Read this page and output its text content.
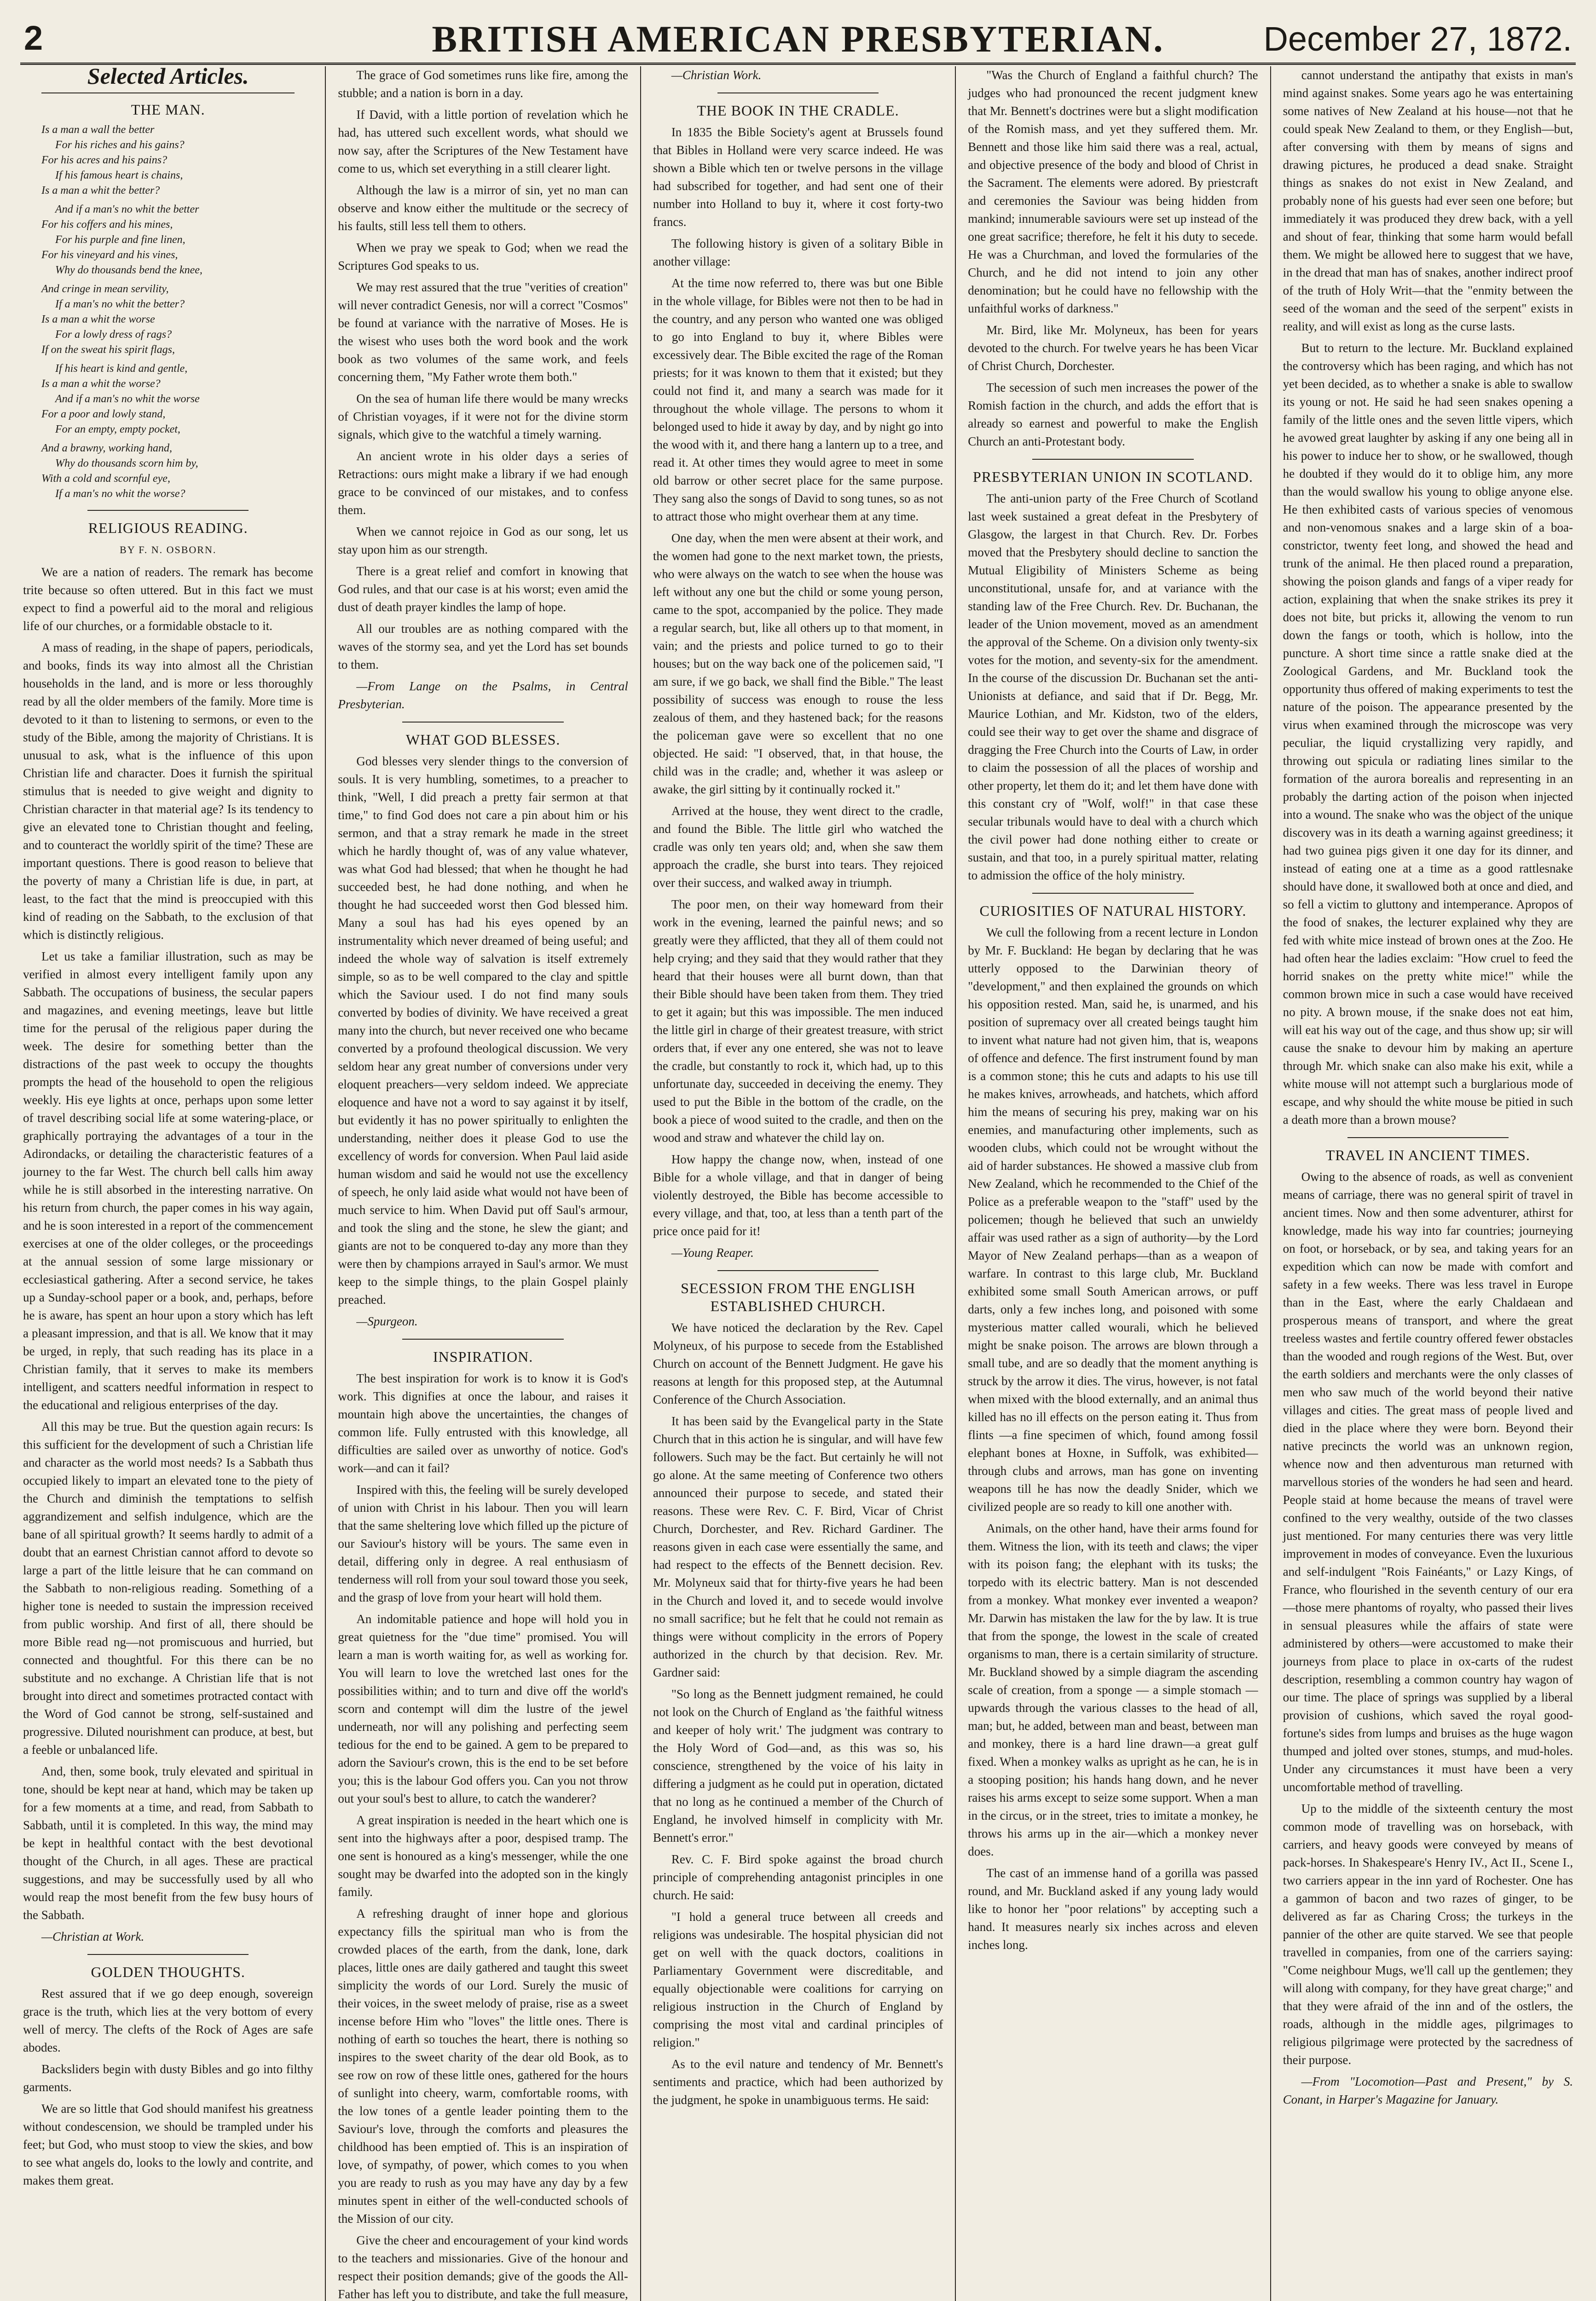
2	BRITISH AMERICAN PRESBYTERIAN.	December 27, 1872.
Selected Articles.
THE MAN.
Is a man a wall the better
For his riches and his gains?
For his acres and his pains?
If his famous heart is chains,
Is a man a whit the better?
And if a man's no whit the better
For his coffers and his mines,
For his purple and fine linen,
For his vineyard and his vines,
Why do thousands bend the knee,
And cringe in mean servility,
If a man's no whit the better?
Is a man a whit the worse
For a lowly dress of rags?
If on the sweat his spirit flags,
If his heart is kind and gentle,
Is a man a whit the worse?
And if a man's no whit the worse
For a poor and lowly stand,
For an empty, empty pocket,
And a brawny, working hand,
Why do thousands scorn him by,
With a cold and scornful eye,
If a man's no whit the worse?
RELIGIOUS READING.
BY F. N. OSBORN.

We are a nation of readers. The remark has become trite because so often uttered. But in this fact we must expect to find a powerful aid to the moral and religious life of our churches, or a formidable obstacle to it.

A mass of reading, in the shape of papers, periodicals, and books, finds its way into almost all the Christian households in the land, and is more or less thoroughly read by all the older members of the family. More time is devoted to it than to listening to sermons, or even to the study of the Bible, among the majority of Christians. It is unusual to ask, what is the influence of this upon Christian life and character. Does it furnish the spiritual stimulus that is needed to give weight and dignity to Christian character in that material age? Is its tendency to give an elevated tone to Christian thought and feeling, and to counteract the worldly spirit of the time? These are important questions. There is good reason to believe that the poverty of many a Christian life is due, in part, at least, to the fact that the mind is preoccupied with this kind of reading on the Sabbath, to the exclusion of that which is distinctly religious.

Let us take a familiar illustration, such as may be verified in almost every intelligent family upon any Sabbath. The occupations of business, the secular papers and magazines, and evening meetings, leave but little time for the perusal of the religious paper during the week. The desire for something better than the distractions of the past week to occupy the thoughts prompts the head of the household to open the religious weekly. His eye lights at once, perhaps upon some letter of travel describing social life at some watering-place, or graphically portraying the advantages of a tour in the Adirondacks, or detailing the characteristic features of a journey to the far West. The church bell calls him away while he is still absorbed in the interesting narrative. On his return from church, the paper comes in his way again, and he is soon interested in a report of the commencement exercises at one of the older colleges, or the proceedings at the annual session of some large missionary or ecclesiastical gathering. After a second service, he takes up a Sunday-school paper or a book, and, perhaps, before he is aware, has spent an hour upon a story which has left a pleasant impression, and that is all. We know that it may be urged, in reply, that such reading has its place in a Christian family, that it serves to make its members intelligent, and scatters needful information in respect to the educational and religious enterprises of the day.

All this may be true. But the question again recurs: Is this sufficient for the development of such a Christian life and character as the world most needs? Is a Sabbath thus occupied likely to impart an elevated tone to the piety of the Church and diminish the temptations to selfish aggrandizement and selfish indulgence, which are the bane of all spiritual growth? It seems hardly to admit of a doubt that an earnest Christian cannot afford to devote so large a part of the little leisure that he can command on the Sabbath to non-religious reading. Something of a higher tone is needed to sustain the impression received from public worship. And first of all, there should be more Bible read ng—not promiscuous and hurried, but connected and thoughtful. For this there can be no substitute and no exchange. A Christian life that is not brought into direct and sometimes protracted contact with the Word of God cannot be strong, self-sustained and progressive. Diluted nourishment can produce, at best, but a feeble or unbalanced life.

And, then, some book, truly elevated and spiritual in tone, should be kept near at hand, which may be taken up for a few moments at a time, and read, from Sabbath to Sabbath, until it is completed. In this way, the mind may be kept in healthful contact with the best devotional thought of the Church, in all ages. These are practical suggestions, and may be successfully used by all who would reap the most benefit from the few busy hours of the Sabbath.

—Christian at Work.

GOLDEN THOUGHTS.

Rest assured that if we go deep enough, sovereign grace is the truth, which lies at the very bottom of every well of mercy. The clefts of the Rock of Ages are safe abodes.

Backsliders begin with dusty Bibles and go into filthy garments.

We are so little that God should manifest his greatness without condescension, we should be trampled under his feet; but God, who must stoop to view the skies, and bow to see what angels do, looks to the lowly and contrite, and makes them great.

The grace of God sometimes runs like fire, among the stubble; and a nation is born in a day.

If David, with a little portion of revelation which he had, has uttered such excellent words, what should we now say, after the Scriptures of the New Testament have come to us, which set everything in a still clearer light.

Although the law is a mirror of sin, yet no man can observe and know either the multitude or the secrecy of his faults, still less tell them to others.

When we pray we speak to God; when we read the Scriptures God speaks to us.

We may rest assured that the true "verities of creation" will never contradict Genesis, nor will a correct "Cosmos" be found at variance with the narrative of Moses. He is the wisest who uses both the word book and the work book as two volumes of the same work, and feels concerning them, "My Father wrote them both."

On the sea of human life there would be many wrecks of Christian voyages, if it were not for the divine storm signals, which give to the watchful a timely warning.

An ancient wrote in his older days a series of Retractions: ours might make a library if we had enough grace to be convinced of our mistakes, and to confess them.

When we cannot rejoice in God as our song, let us stay upon him as our strength.

There is a great relief and comfort in knowing that God rules, and that our case is at his worst; even amid the dust of death prayer kindles the lamp of hope.

All our troubles are as nothing compared with the waves of the stormy sea, and yet the Lord has set bounds to them.

—From Lange on the Psalms, in Central Presbyterian.

WHAT GOD BLESSES.

God blesses very slender things to the conversion of souls. It is very humbling, sometimes, to a preacher to think, "Well, I did preach a pretty fair sermon at that time," to find God does not care a pin about him or his sermon, and that a stray remark he made in the street which he hardly thought of, was of any value whatever, was what God had blessed; that when he thought he had succeeded best, he had done nothing, and when he thought he had succeeded worst then God blessed him. Many a soul has had his eyes opened by an instrumentality which never dreamed of being useful; and indeed the whole way of salvation is itself extremely simple, so as to be well compared to the clay and spittle which the Saviour used. I do not find many souls converted by bodies of divinity. We have received a great many into the church, but never received one who became converted by a profound theological discussion. We very seldom hear any great number of conversions under very eloquent preachers—very seldom indeed. We appreciate eloquence and have not a word to say against it by itself, but evidently it has no power spiritually to enlighten the understanding, neither does it please God to use the excellency of words for conversion. When Paul laid aside human wisdom and said he would not use the excellency of speech, he only laid aside what would not have been of much service to him. When David put off Saul's armour, and took the sling and the stone, he slew the giant; and giants are not to be conquered to-day any more than they were then by champions arrayed in Saul's armor. We must keep to the simple things, to the plain Gospel plainly preached.

—Spurgeon.

INSPIRATION.

The best inspiration for work is to know it is God's work. This dignifies at once the labour, and raises it mountain high above the uncertainties, the changes of common life. Fully entrusted with this knowledge, all difficulties are sailed over as unworthy of notice. God's work—and can it fail?

Inspired with this, the feeling will be surely developed of union with Christ in his labour. Then you will learn that the same sheltering love which filled up the picture of our Saviour's history will be yours. The same even in detail, differing only in degree. A real enthusiasm of tenderness will roll from your soul toward those you seek, and the grasp of love from your heart will hold them.

An indomitable patience and hope will hold you in great quietness for the "due time" promised. You will learn a man is worth waiting for, as well as working for. You will learn to love the wretched last ones for the possibilities within; and to turn and dive off the world's scorn and contempt will dim the lustre of the jewel underneath, nor will any polishing and perfecting seem tedious for the end to be gained. A gem to be prepared to adorn the Saviour's crown, this is the end to be set before you; this is the labour God offers you. Can you not throw out your soul's best to allure, to catch the wanderer?

A great inspiration is needed in the heart which one is sent into the highways after a poor, despised tramp. The one sent is honoured as a king's messenger, while the one sought may be dwarfed into the adopted son in the kingly family.

A refreshing draught of inner hope and glorious expectancy fills the spiritual man who is from the crowded places of the earth, from the dank, lone, dark places, little ones are daily gathered and taught this sweet simplicity the words of our Lord. Surely the music of their voices, in the sweet melody of praise, rise as a sweet incense before Him who "loves" the little ones. There is nothing of earth so touches the heart, there is nothing so inspires to the sweet charity of the dear old Book, as to see row on row of these little ones, gathered for the hours of sunlight into cheery, warm, comfortable rooms, with the low tones of a gentle leader pointing them to the Saviour's love, through the comforts and pleasures the childhood has been emptied of. This is an inspiration of love, of sympathy, of power, which comes to you when you are ready to rush as you may have any day by a few minutes spent in either of the well-conducted schools of the Mission of our city.

Give the cheer and encouragement of your kind words to the teachers and missionaries. Give of the honour and respect their position demands; give of the goods the All-Father has left you to distribute, and take the full measure,

—Christian Work.

THE BOOK IN THE CRADLE.

In 1835 the Bible Society's agent at Brussels found that Bibles in Holland were very scarce indeed. He was shown a Bible which ten or twelve persons in the village had subscribed for together, and had sent one of their number into Holland to buy it, where it cost forty-two francs.

The following history is given of a solitary Bible in another village:

At the time now referred to, there was but one Bible in the whole village, for Bibles were not then to be had in the country, and any person who wanted one was obliged to go into England to buy it, where Bibles were excessively dear. The Bible excited the rage of the Roman priests; for it was known to them that it existed; but they could not find it, and many a search was made for it throughout the whole village. The persons to whom it belonged used to hide it away by day, and by night go into the wood with it, and there hang a lantern up to a tree, and read it. At other times they would agree to meet in some old barrow or other secret place for the same purpose. They sang also the songs of David to song tunes, so as not to attract those who might overhear them at any time.

One day, when the men were absent at their work, and the women had gone to the next market town, the priests, who were always on the watch to see when the house was left without any one but the child or some young person, came to the spot, accompanied by the police. They made a regular search, but, like all others up to that moment, in vain; and the priests and police turned to go to their houses; but on the way back one of the policemen said, "I am sure, if we go back, we shall find the Bible." The least possibility of success was enough to rouse the less zealous of them, and they hastened back; for the reasons the policeman gave were so excellent that no one objected. He said: "I observed, that, in that house, the child was in the cradle; and, whether it was asleep or awake, the girl sitting by it continually rocked it."

Arrived at the house, they went direct to the cradle, and found the Bible. The little girl who watched the cradle was only ten years old; and, when she saw them approach the cradle, she burst into tears. They rejoiced over their success, and walked away in triumph.

The poor men, on their way homeward from their work in the evening, learned the painful news; and so greatly were they afflicted, that they all of them could not help crying; and they said that they would rather that they heard that their houses were all burnt down, than that their Bible should have been taken from them. They tried to get it again; but this was impossible. The men induced the little girl in charge of their greatest treasure, with strict orders that, if ever any one entered, she was not to leave the cradle, but constantly to rock it, which had, up to this unfortunate day, succeeded in deceiving the enemy. They used to put the Bible in the bottom of the cradle, on the book a piece of wood suited to the cradle, and then on the wood and straw and whatever the child lay on.

How happy the change now, when, instead of one Bible for a whole village, and that in danger of being violently destroyed, the Bible has become accessible to every village, and that, too, at less than a tenth part of the price once paid for it!

—Young Reaper.

SECESSION FROM THE ENGLISH ESTABLISHED CHURCH.

We have noticed the declaration by the Rev. Capel Molyneux, of his purpose to secede from the Established Church on account of the Bennett Judgment. He gave his reasons at length for this proposed step, at the Autumnal Conference of the Church Association.

It has been said by the Evangelical party in the State Church that in this action he is singular, and will have few followers. Such may be the fact. But certainly he will not go alone. At the same meeting of Conference two others announced their purpose to secede, and stated their reasons. These were Rev. C. F. Bird, Vicar of Christ Church, Dorchester, and Rev. Richard Gardiner. The reasons given in each case were essentially the same, and had respect to the effects of the Bennett decision. Rev. Mr. Molyneux said that for thirty-five years he had been in the Church and loved it, and to secede would involve no small sacrifice; but he felt that he could not remain as things were without complicity in the errors of Popery authorized in the church by that decision. Rev. Mr. Gardner said:

"So long as the Bennett judgment remained, he could not look on the Church of England as 'the faithful witness and keeper of holy writ.' The judgment was contrary to the Holy Word of God—and, as this was so, his conscience, strengthened by the voice of his laity in differing a judgment as he could put in operation, dictated that no long as he continued a member of the Church of England, he involved himself in complicity with Mr. Bennett's error."

Rev. C. F. Bird spoke against the broad church principle of comprehending antagonist principles in one church. He said:

"I hold a general truce between all creeds and religions was undesirable. The hospital physician did not get on well with the quack doctors, coalitions in Parliamentary Government were discreditable, and equally objectionable were coalitions for carrying on religious instruction in the Church of England by comprising the most vital and cardinal principles of religion."

As to the evil nature and tendency of Mr. Bennett's sentiments and practice, which had been authorized by the judgment, he spoke in unambiguous terms. He said:

"Was the Church of England a faithful church? The judges who had pronounced the recent judgment knew that Mr. Bennett's doctrines were but a slight modification of the Romish mass, and yet they suffered them. Mr. Bennett and those like him said there was a real, actual, and objective presence of the body and blood of Christ in the Sacrament. The elements were adored. By priestcraft and ceremonies the Saviour was being hidden from mankind; innumerable saviours were set up instead of the one great sacrifice; therefore, he felt it his duty to secede. He was a Churchman, and loved the formularies of the Church, and he did not intend to join any other denomination; but he could have no fellowship with the unfaithful works of darkness."

Mr. Bird, like Mr. Molyneux, has been for years devoted to the church. For twelve years he has been Vicar of Christ Church, Dorchester.

The secession of such men increases the power of the Romish faction in the church, and adds the effort that is already so earnest and powerful to make the English Church an anti-Protestant body.

PRESBYTERIAN UNION IN SCOTLAND.

The anti-union party of the Free Church of Scotland last week sustained a great defeat in the Presbytery of Glasgow, the largest in that Church. Rev. Dr. Forbes moved that the Presbytery should decline to sanction the Mutual Eligibility of Ministers Scheme as being unconstitutional, unsafe for, and at variance with the standing law of the Free Church. Rev. Dr. Buchanan, the leader of the Union movement, moved as an amendment the approval of the Scheme. On a division only twenty-six votes for the motion, and seventy-six for the amendment. In the course of the discussion Dr. Buchanan set the anti-Unionists at defiance, and said that if Dr. Begg, Mr. Maurice Lothian, and Mr. Kidston, two of the elders, could see their way to get over the shame and disgrace of dragging the Free Church into the Courts of Law, in order to claim the possession of all the places of worship and other property, let them do it; and let them have done with this constant cry of "Wolf, wolf!" in that case these secular tribunals would have to deal with a church which the civil power had done nothing either to create or sustain, and that too, in a purely spiritual matter, relating to admission the office of the holy ministry.

CURIOSITIES OF NATURAL HISTORY.

We cull the following from a recent lecture in London by Mr. F. Buckland: He began by declaring that he was utterly opposed to the Darwinian theory of "development," and then explained the grounds on which his opposition rested. Man, said he, is unarmed, and his position of supremacy over all created beings taught him to invent what nature had not given him, that is, weapons of offence and defence. The first instrument found by man is a common stone; this he cuts and adapts to his use till he makes knives, arrowheads, and hatchets, which afford him the means of securing his prey, making war on his enemies, and manufacturing other implements, such as wooden clubs, which could not be wrought without the aid of harder substances. He showed a massive club from New Zealand, which he recommended to the Chief of the Police as a preferable weapon to the "staff" used by the policemen; though he believed that such an unwieldy affair was used rather as a sign of authority—by the Lord Mayor of New Zealand perhaps—than as a weapon of warfare. In contrast to this large club, Mr. Buckland exhibited some small South American arrows, or puff darts, only a few inches long, and poisoned with some mysterious matter called wourali, which he believed might be snake poison. The arrows are blown through a small tube, and are so deadly that the moment anything is struck by the arrow it dies. The virus, however, is not fatal when mixed with the blood externally, and an animal thus killed has no ill effects on the person eating it. Thus from flints —a fine specimen of which, found among fossil elephant bones at Hoxne, in Suffolk, was exhibited—through clubs and arrows, man has gone on inventing weapons till he has now the deadly Snider, which we civilized people are so ready to kill one another with.

Animals, on the other hand, have their arms found for them. Witness the lion, with its teeth and claws; the viper with its poison fang; the elephant with its tusks; the torpedo with its electric battery. Man is not descended from a monkey. What monkey ever invented a weapon? Mr. Darwin has mistaken the law for the by law. It is true that from the sponge, the lowest in the scale of created organisms to man, there is a certain similarity of structure. Mr. Buckland showed by a simple diagram the ascending scale of creation, from a sponge — a simple stomach — upwards through the various classes to the head of all, man; but, he added, between man and beast, between man and monkey, there is a hard line drawn—a great gulf fixed. When a monkey walks as upright as he can, he is in a stooping position; his hands hang down, and he never raises his arms except to seize some support. When a man in the circus, or in the street, tries to imitate a monkey, he throws his arms up in the air—which a monkey never does.

The cast of an immense hand of a gorilla was passed round, and Mr. Buckland asked if any young lady would like to honor her "poor relations" by accepting such a hand. It measures nearly six inches across and eleven inches long.

cannot understand the antipathy that exists in man's mind against snakes. Some years ago he was entertaining some natives of New Zealand at his house—not that he could speak New Zealand to them, or they English—but, after conversing with them by means of signs and drawing pictures, he produced a dead snake. Straight things as snakes do not exist in New Zealand, and probably none of his guests had ever seen one before; but immediately it was produced they drew back, with a yell and shout of fear, thinking that some harm would befall them. We might be allowed here to suggest that we have, in the dread that man has of snakes, another indirect proof of the truth of Holy Writ—that the "enmity between the seed of the woman and the seed of the serpent" exists in reality, and will exist as long as the curse lasts.

But to return to the lecture. Mr. Buckland explained the controversy which has been raging, and which has not yet been decided, as to whether a snake is able to swallow its young or not. He said he had seen snakes opening a family of the little ones and the seven little vipers, which he avowed great laughter by asking if any one being all in his power to induce her to show, or he swallowed, though he doubted if they would do it to oblige him, any more than the would swallow his young to oblige anyone else. He then exhibited casts of various species of venomous and non-venomous snakes and a large skin of a boa-constrictor, twenty feet long, and showed the head and trunk of the animal. He then placed round a preparation, showing the poison glands and fangs of a viper ready for action, explaining that when the snake strikes its prey it does not bite, but pricks it, allowing the venom to run down the fangs or tooth, which is hollow, into the puncture. A short time since a rattle snake died at the Zoological Gardens, and Mr. Buckland took the opportunity thus offered of making experiments to test the nature of the poison. The appearance presented by the virus when examined through the microscope was very peculiar, the liquid crystallizing very rapidly, and throwing out spicula or radiating lines similar to the formation of the aurora borealis and representing in an probably the darting action of the poison when injected into a wound. The snake who was the object of the unique discovery was in its death a warning against greediness; it had two guinea pigs given it one day for its dinner, and instead of eating one at a time as a good rattlesnake should have done, it swallowed both at once and died, and so fell a victim to gluttony and intemperance. Apropos of the food of snakes, the lecturer explained why they are fed with white mice instead of brown ones at the Zoo. He had often hear the ladies exclaim: "How cruel to feed the horrid snakes on the pretty white mice!" while the common brown mice in such a case would have received no pity. A brown mouse, if the snake does not eat him, will eat his way out of the cage, and thus show up; sir will cause the snake to devour him by making an aperture through Mr. which snake can also make his exit, while a white mouse will not attempt such a burglarious mode of escape, and why should the white mouse be pitied in such a death more than a brown mouse?

TRAVEL IN ANCIENT TIMES.

Owing to the absence of roads, as well as convenient means of carriage, there was no general spirit of travel in ancient times. Now and then some adventurer, athirst for knowledge, made his way into far countries; journeying on foot, or horseback, or by sea, and taking years for an expedition which can now be made with comfort and safety in a few weeks. There was less travel in Europe than in the East, where the early Chaldaean and prosperous means of transport, and where the great treeless wastes and fertile country offered fewer obstacles than the wooded and rough regions of the West. But, over the earth soldiers and merchants were the only classes of men who saw much of the world beyond their native villages and cities. The great mass of people lived and died in the place where they were born. Beyond their native precincts the world was an unknown region, whence now and then adventurous man returned with marvellous stories of the wonders he had seen and heard. People staid at home because the means of travel were confined to the very wealthy, outside of the two classes just mentioned. For many centuries there was very little improvement in modes of conveyance. Even the luxurious and self-indulgent "Rois Fainéants," or Lazy Kings, of France, who flourished in the seventh century of our era—those mere phantoms of royalty, who passed their lives in sensual pleasures while the affairs of state were administered by others—were accustomed to make their journeys from place to place in ox-carts of the rudest description, resembling a common country hay wagon of our time. The place of springs was supplied by a liberal provision of cushions, which saved the royal good-fortune's sides from lumps and bruises as the huge wagon thumped and jolted over stones, stumps, and mud-holes. Under any circumstances it must have been a very uncomfortable method of travelling.

Up to the middle of the sixteenth century the most common mode of travelling was on horseback, with carriers, and heavy goods were conveyed by means of pack-horses. In Shakespeare's Henry IV., Act II., Scene I., two carriers appear in the inn yard of Rochester. One has a gammon of bacon and two razes of ginger, to be delivered as far as Charing Cross; the turkeys in the pannier of the other are quite starved. We see that people travelled in companies, from one of the carriers saying: "Come neighbour Mugs, we'll call up the gentlemen; they will along with company, for they have great charge;" and that they were afraid of the inn and of the ostlers, the roads, although in the middle ages, pilgrimages to religious pilgrimage were protected by the sacredness of their purpose.

—From "Locomotion—Past and Present," by S. Conant, in Harper's Magazine for January.
